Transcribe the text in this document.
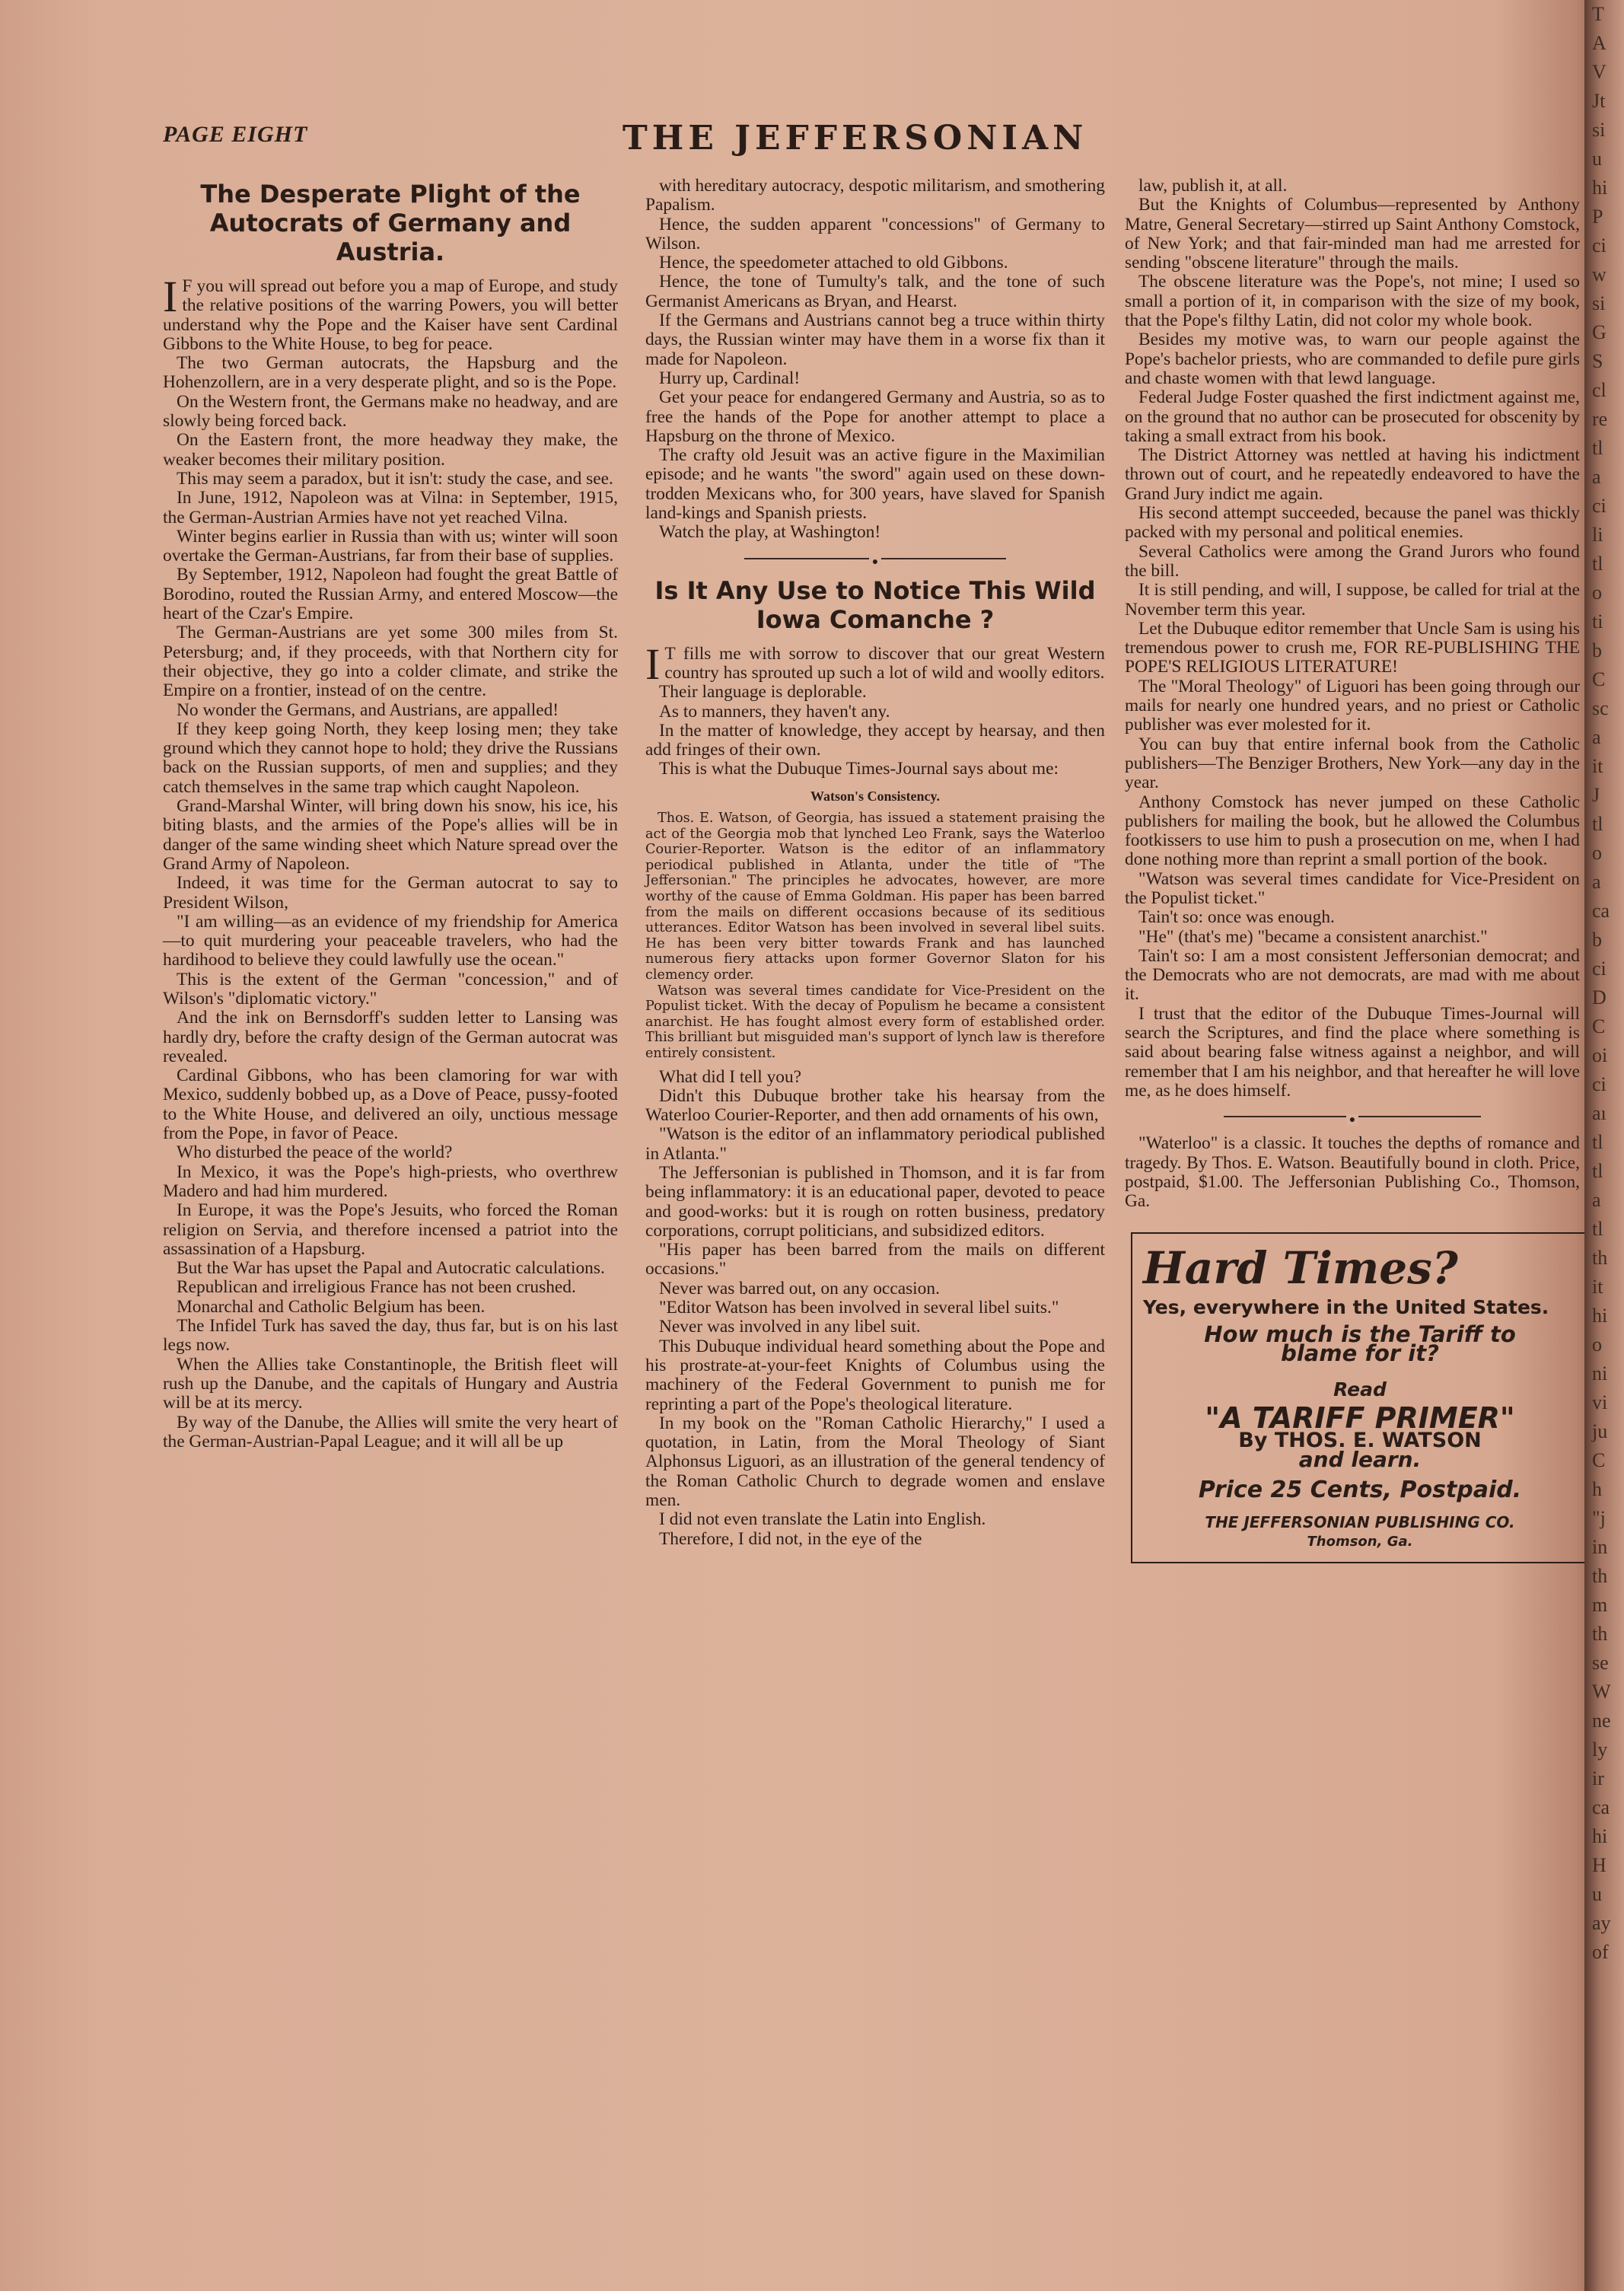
PAGE EIGHT	THE JEFFERSONIAN
The Desperate Plight of the Autocrats of Germany and Austria.

I F you will spread out before you a map of Europe, and study the relative positions of the warring Powers, you will better understand why the Pope and the Kaiser have sent Cardinal Gibbons to the White House, to beg for peace.

The two German autocrats, the Hapsburg and the Hohenzollern, are in a very desperate plight, and so is the Pope.

On the Western front, the Germans make no headway, and are slowly being forced back.

On the Eastern front, the more headway they make, the weaker becomes their military position.

This may seem a paradox, but it isn't: study the case, and see.

In June, 1912, Napoleon was at Vilna: in September, 1915, the German-Austrian Armies have not yet reached Vilna.

Winter begins earlier in Russia than with us; winter will soon overtake the German-Austrians, far from their base of supplies.

By September, 1912, Napoleon had fought the great Battle of Borodino, routed the Russian Army, and entered Moscow—the heart of the Czar's Empire.

The German-Austrians are yet some 300 miles from St. Petersburg; and, if they proceeds, with that Northern city for their objective, they go into a colder climate, and strike the Empire on a frontier, instead of on the centre.

No wonder the Germans, and Austrians, are appalled!

If they keep going North, they keep losing men; they take ground which they cannot hope to hold; they drive the Russians back on the Russian supports, of men and supplies; and they catch themselves in the same trap which caught Napoleon.

Grand-Marshal Winter, will bring down his snow, his ice, his biting blasts, and the armies of the Pope's allies will be in danger of the same winding sheet which Nature spread over the Grand Army of Napoleon.

Indeed, it was time for the German autocrat to say to President Wilson,

"I am willing—as an evidence of my friendship for America—to quit murdering your peaceable travelers, who had the hardihood to believe they could lawfully use the ocean."

This is the extent of the German "concession," and of Wilson's "diplomatic victory."

And the ink on Bernsdorff's sudden letter to Lansing was hardly dry, before the crafty design of the German autocrat was revealed.

Cardinal Gibbons, who has been clamoring for war with Mexico, suddenly bobbed up, as a Dove of Peace, pussy-footed to the White House, and delivered an oily, unctious message from the Pope, in favor of Peace.

Who disturbed the peace of the world?

In Mexico, it was the Pope's high-priests, who overthrew Madero and had him murdered.

In Europe, it was the Pope's Jesuits, who forced the Roman religion on Servia, and therefore incensed a patriot into the assassination of a Hapsburg.

But the War has upset the Papal and Autocratic calculations.

Republican and irreligious France has not been crushed.

Monarchal and Catholic Belgium has been.

The Infidel Turk has saved the day, thus far, but is on his last legs now.

When the Allies take Constantinople, the British fleet will rush up the Danube, and the capitals of Hungary and Austria will be at its mercy.

By way of the Danube, the Allies will smite the very heart of the German-Austrian-Papal League; and it will all be up

with hereditary autocracy, despotic militarism, and smothering Papalism.

Hence, the sudden apparent "concessions" of Germany to Wilson.

Hence, the speedometer attached to old Gibbons.

Hence, the tone of Tumulty's talk, and the tone of such Germanist Americans as Bryan, and Hearst.

If the Germans and Austrians cannot beg a truce within thirty days, the Russian winter may have them in a worse fix than it made for Napoleon.

Hurry up, Cardinal!

Get your peace for endangered Germany and Austria, so as to free the hands of the Pope for another attempt to place a Hapsburg on the throne of Mexico.

The crafty old Jesuit was an active figure in the Maximilian episode; and he wants "the sword" again used on these down-trodden Mexicans who, for 300 years, have slaved for Spanish land-kings and Spanish priests.

Watch the play, at Washington!

●
Is It Any Use to Notice This Wild Iowa Comanche ?

I T fills me with sorrow to discover that our great Western country has sprouted up such a lot of wild and woolly editors.

Their language is deplorable.

As to manners, they haven't any.

In the matter of knowledge, they accept by hearsay, and then add fringes of their own.

This is what the Dubuque Times-Journal says about me:

Watson's Consistency.

Thos. E. Watson, of Georgia, has issued a statement praising the act of the Georgia mob that lynched Leo Frank, says the Waterloo Courier-Reporter. Watson is the editor of an inflammatory periodical published in Atlanta, under the title of "The Jeffersonian." The principles he advocates, however, are more worthy of the cause of Emma Goldman. His paper has been barred from the mails on different occasions because of its seditious utterances. Editor Watson has been involved in several libel suits. He has been very bitter towards Frank and has launched numerous fiery attacks upon former Governor Slaton for his clemency order.

Watson was several times candidate for Vice-President on the Populist ticket. With the decay of Populism he became a consistent anarchist. He has fought almost every form of established order. This brilliant but misguided man's support of lynch law is therefore entirely consistent.

What did I tell you?

Didn't this Dubuque brother take his hearsay from the Waterloo Courier-Reporter, and then add ornaments of his own,

"Watson is the editor of an inflammatory periodical published in Atlanta."

The Jeffersonian is published in Thomson, and it is far from being inflammatory: it is an educational paper, devoted to peace and good-works: but it is rough on rotten business, predatory corporations, corrupt politicians, and subsidized editors.

"His paper has been barred from the mails on different occasions."

Never was barred out, on any occasion.

"Editor Watson has been involved in several libel suits."

Never was involved in any libel suit.

This Dubuque individual heard something about the Pope and his prostrate-at-your-feet Knights of Columbus using the machinery of the Federal Government to punish me for reprinting a part of the Pope's theological literature.

In my book on the "Roman Catholic Hierarchy," I used a quotation, in Latin, from the Moral Theology of Siant Alphonsus Liguori, as an illustration of the general tendency of the Roman Catholic Church to degrade women and enslave men.

I did not even translate the Latin into English.

Therefore, I did not, in the eye of the

law, publish it, at all.

But the Knights of Columbus—represented by Anthony Matre, General Secretary—stirred up Saint Anthony Comstock, of New York; and that fair-minded man had me arrested for sending "obscene literature" through the mails.

The obscene literature was the Pope's, not mine; I used so small a portion of it, in comparison with the size of my book, that the Pope's filthy Latin, did not color my whole book.

Besides my motive was, to warn our people against the Pope's bachelor priests, who are commanded to defile pure girls and chaste women with that lewd language.

Federal Judge Foster quashed the first indictment against me, on the ground that no author can be prosecuted for obscenity by taking a small extract from his book.

The District Attorney was nettled at having his indictment thrown out of court, and he repeatedly endeavored to have the Grand Jury indict me again.

His second attempt succeeded, because the panel was thickly packed with my personal and political enemies.

Several Catholics were among the Grand Jurors who found the bill.

It is still pending, and will, I suppose, be called for trial at the November term this year.

Let the Dubuque editor remember that Uncle Sam is using his tremendous power to crush me, FOR RE-PUBLISHING THE POPE'S RELIGIOUS LITERATURE!

The "Moral Theology" of Liguori has been going through our mails for nearly one hundred years, and no priest or Catholic publisher was ever molested for it.

You can buy that entire infernal book from the Catholic publishers—The Benziger Brothers, New York—any day in the year.

Anthony Comstock has never jumped on these Catholic publishers for mailing the book, but he allowed the Columbus footkissers to use him to push a prosecution on me, when I had done nothing more than reprint a small portion of the book.

"Watson was several times candidate for Vice-President on the Populist ticket."

Tain't so: once was enough.

"He" (that's me) "became a consistent anarchist."

Tain't so: I am a most consistent Jeffersonian democrat; and the Democrats who are not democrats, are mad with me about it.

I trust that the editor of the Dubuque Times-Journal will search the Scriptures, and find the place where something is said about bearing false witness against a neighbor, and will remember that I am his neighbor, and that hereafter he will love me, as he does himself.

●

"Waterloo" is a classic. It touches the depths of romance and tragedy. By Thos. E. Watson. Beautifully bound in cloth. Price, postpaid, $1.00. The Jeffersonian Publishing Co., Thomson, Ga.

Hard Times?
Yes, everywhere in the United States.
How much is the Tariff to
blame for it?
Read
"A TARIFF PRIMER"
By THOS. E. WATSON
and learn.
Price 25 Cents, Postpaid.
THE JEFFERSONIAN PUBLISHING CO.
Thomson, Ga.
T
A
V
Jt
si
u
hi
P
ci
w
si
G
S
cl
re
tl
a
ci
li
tl
o
ti
b
C
sc
a
it
J
tl
o
a
ca
b
ci
D
C
oi
ci
aı
tl
tl
a
tl
th
it
hi
o
ni
vi
ju
C
h
"j
in
th
m
th
se
W
ne
ly
ir
ca
hi
H
u
ay
of
